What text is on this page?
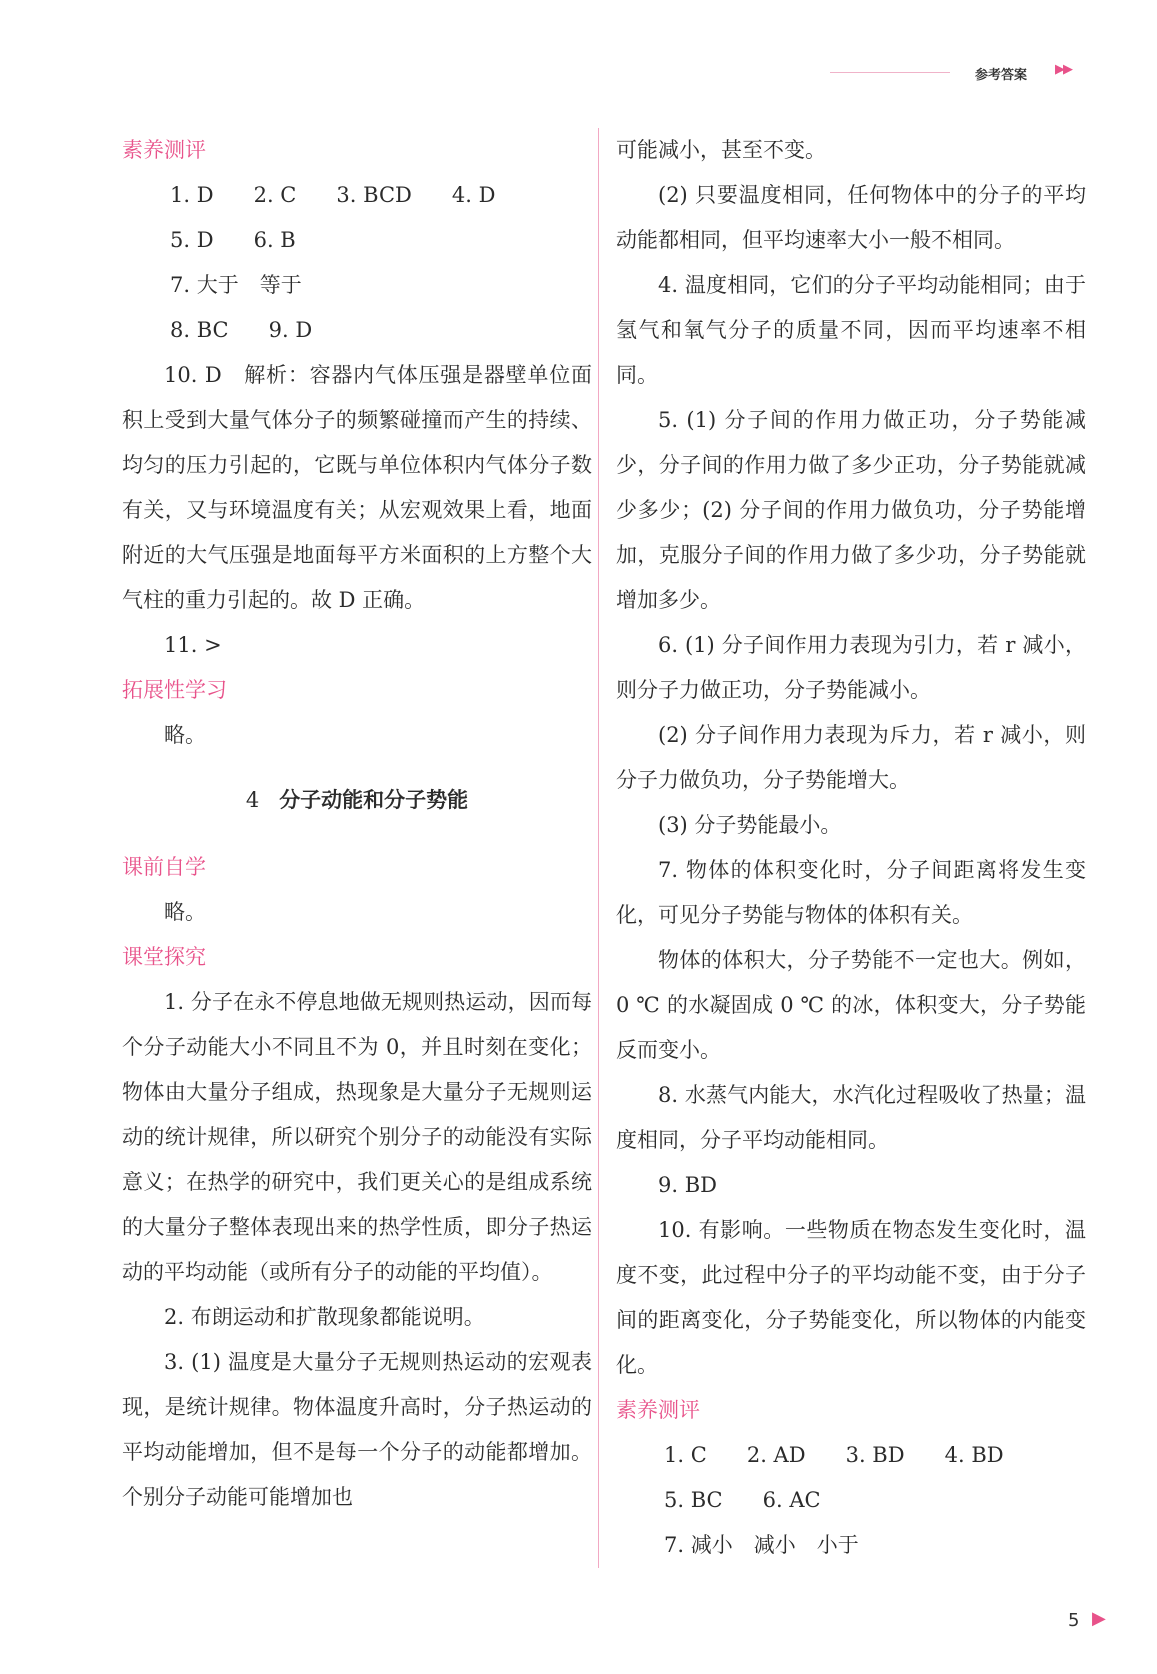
参考答案 ▶▶
素养测评
1. D      2. C      3. BCD      4. D
5. D      6. B
7. 大于　等于
8. BC      9. D

10. D　解析：容器内气体压强是器壁单位面积上受到大量气体分子的频繁碰撞而产生的持续、均匀的压力引起的，它既与单位体积内气体分子数有关，又与环境温度有关；从宏观效果上看，地面附近的大气压强是地面每平方米面积的上方整个大气柱的重力引起的。故 D 正确。

11. >

拓展性学习

略。

4 分子动能和分子势能
课前自学

略。

课堂探究

1. 分子在永不停息地做无规则热运动，因而每个分子动能大小不同且不为 0，并且时刻在变化；物体由大量分子组成，热现象是大量分子无规则运动的统计规律，所以研究个别分子的动能没有实际意义；在热学的研究中，我们更关心的是组成系统的大量分子整体表现出来的热学性质，即分子热运动的平均动能（或所有分子的动能的平均值）。

2. 布朗运动和扩散现象都能说明。

3. (1) 温度是大量分子无规则热运动的宏观表现，是统计规律。物体温度升高时，分子热运动的平均动能增加，但不是每一个分子的动能都增加。个别分子动能可能增加也

可能减小，甚至不变。

(2) 只要温度相同，任何物体中的分子的平均动能都相同，但平均速率大小一般不相同。

4. 温度相同，它们的分子平均动能相同；由于氢气和氧气分子的质量不同，因而平均速率不相同。

5. (1) 分子间的作用力做正功，分子势能减少，分子间的作用力做了多少正功，分子势能就减少多少；(2) 分子间的作用力做负功，分子势能增加，克服分子间的作用力做了多少功，分子势能就增加多少。

6. (1) 分子间作用力表现为引力，若 r 减小，则分子力做正功，分子势能减小。

(2) 分子间作用力表现为斥力，若 r 减小，则分子力做负功，分子势能增大。

(3) 分子势能最小。

7. 物体的体积变化时，分子间距离将发生变化，可见分子势能与物体的体积有关。

物体的体积大，分子势能不一定也大。例如，0 ℃ 的水凝固成 0 ℃ 的冰，体积变大，分子势能反而变小。

8. 水蒸气内能大，水汽化过程吸收了热量；温度相同，分子平均动能相同。

9. BD

10. 有影响。一些物质在物态发生变化时，温度不变，此过程中分子的平均动能不变，由于分子间的距离变化，分子势能变化，所以物体的内能变化。

素养测评
1. C      2. AD      3. BD      4. BD
5. BC      6. AC
7. 减小　减小　小于
5 ▶
